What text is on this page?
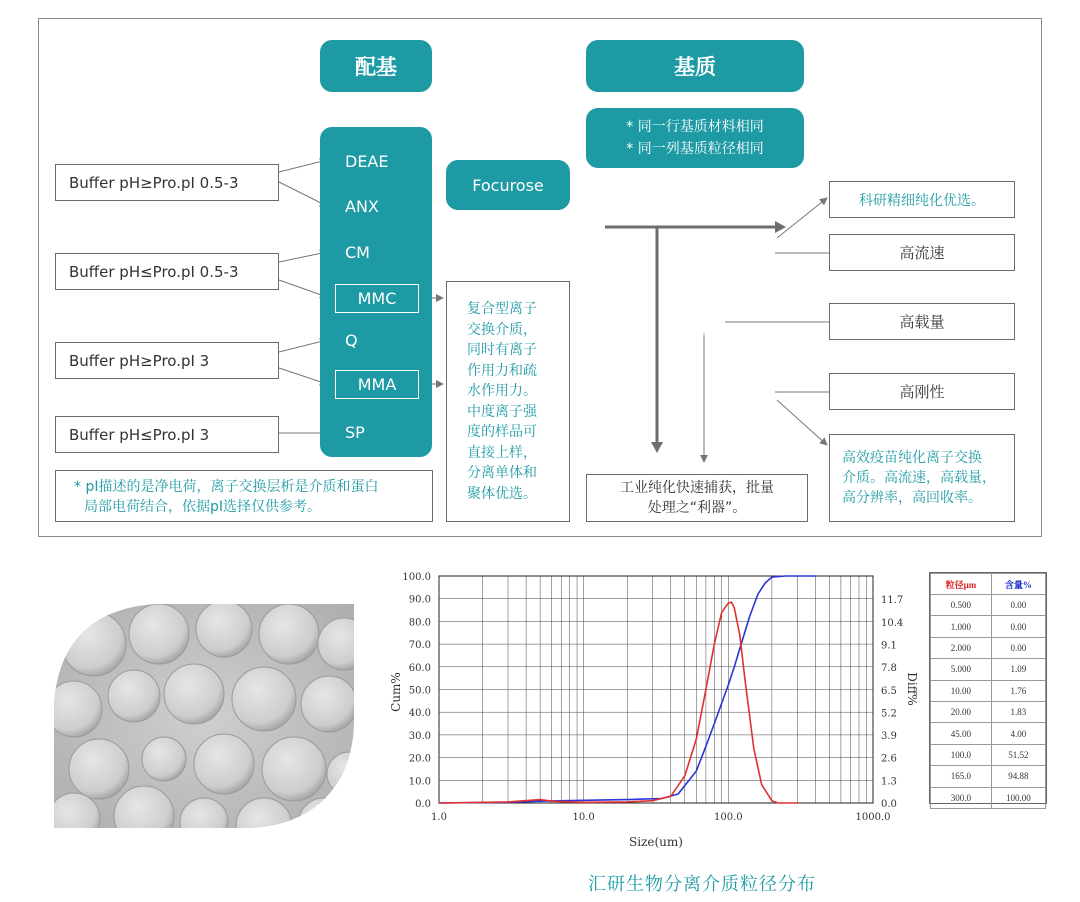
配基	基质
DEAE
ANX
CM
MMC
Q
MMA
SP
Buffer pH≥Pro.pI 0.5-3
Buffer pH≤Pro.pI 0.5-3
Buffer pH≥Pro.pI 3
Buffer pH≤Pro.pI 3
* pI描述的是净电荷，离子交换层析是介质和蛋白
局部电荷结合，依据pI选择仅供参考。
Focurose
复合型离子
交换介质，
同时有离子
作用力和疏
水作用力。
中度离子强
度的样品可
直接上样，
分离单体和
聚体优选。
* 同一行基质材料相同
* 同一列基质粒径相同
分辨率增大
刚
性
增
大
BB FF	HP
XL
HF	HPR
工业纯化快速捕获，批量
处理之“利器”。
科研精细纯化优选。
高流速
高载量
高刚性
高效疫苗纯化离子交换
介质。高流速，高载量，
高分辨率，高回收率。
0.0
10.0
20.0
30.0
40.0
50.0
60.0
70.0
80.0
90.0
100.0
0.0
1.3
2.6
3.9
5.2
6.5
7.8
9.1
10.4
11.7
1.0	10.0	100.0	1000.0
Cum%	Diff%
Size(um)
粒径µm	含量%
0.500	0.00
1.000	0.00
2.000	0.00
5.000	1.09
10.00	1.76
20.00	1.83
45.00	4.00
100.0	51.52
165.0	94.88
300.0	100.00
汇研生物分离介质粒径分布
